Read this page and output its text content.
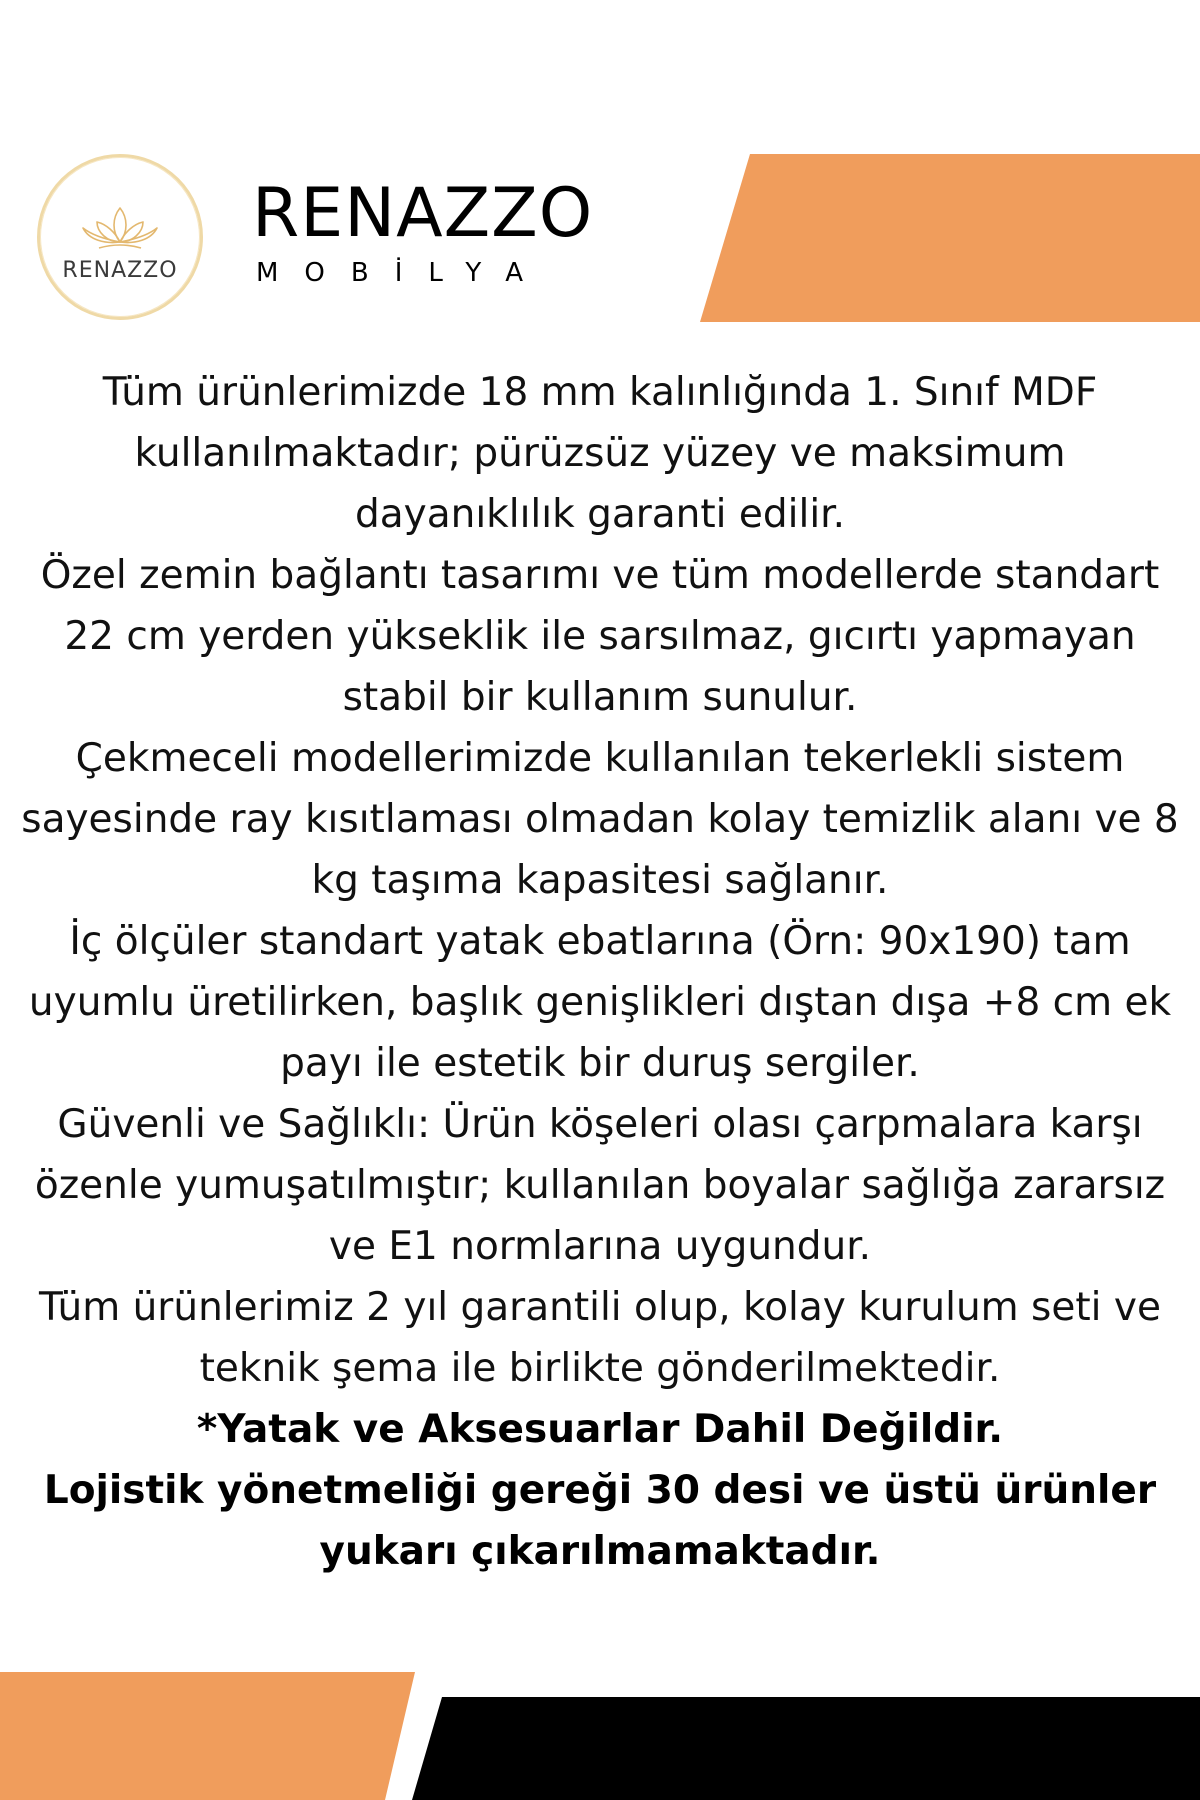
RENAZZO
RENAZZO
MOBİLYA

Tüm ürünlerimizde 18 mm kalınlığında 1. Sınıf MDF kullanılmaktadır; pürüzsüz yüzey ve maksimum dayanıklılık garanti edilir.

Özel zemin bağlantı tasarımı ve tüm modellerde standart 22 cm yerden yükseklik ile sarsılmaz, gıcırtı yapmayan stabil bir kullanım sunulur.

Çekmeceli modellerimizde kullanılan tekerlekli sistem sayesinde ray kısıtlaması olmadan kolay temizlik alanı ve 8 kg taşıma kapasitesi sağlanır.

İç ölçüler standart yatak ebatlarına (Örn: 90x190) tam uyumlu üretilirken, başlık genişlikleri dıştan dışa +8 cm ek payı ile estetik bir duruş sergiler.

Güvenli ve Sağlıklı: Ürün köşeleri olası çarpmalara karşı özenle yumuşatılmıştır; kullanılan boyalar sağlığa zararsız ve E1 normlarına uygundur.

Tüm ürünlerimiz 2 yıl garantili olup, kolay kurulum seti ve teknik şema ile birlikte gönderilmektedir.

*Yatak ve Aksesuarlar Dahil Değildir.

Lojistik yönetmeliği gereği 30 desi ve üstü ürünler yukarı çıkarılmamaktadır.
